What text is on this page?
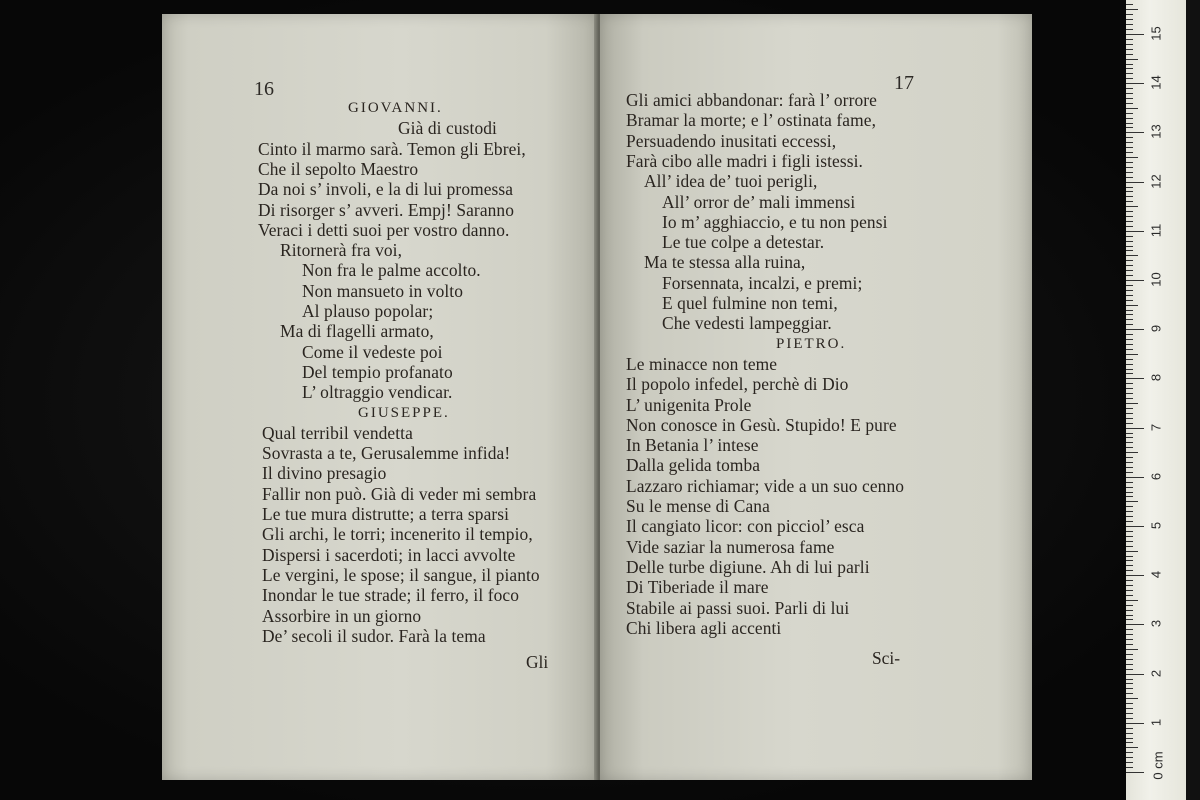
16
GIOVANNI.
Già di custodi
Cinto il marmo sarà. Temon gli Ebrei,
Che il sepolto Maestro
Da noi s’ involi, e la di lui promessa
Di risorger s’ avveri. Empj! Saranno
Veraci i detti suoi per vostro danno.
Ritornerà fra voi,
Non fra le palme accolto.
Non mansueto in volto
Al plauso popolar;
Ma di flagelli armato,
Come il vedeste poi
Del tempio profanato
L’ oltraggio vendicar.
GIUSEPPE.
Qual terribil vendetta
Sovrasta a te, Gerusalemme infida!
Il divino presagio
Fallir non può. Già di veder mi sembra
Le tue mura distrutte; a terra sparsi
Gli archi, le torri; incenerito il tempio,
Dispersi i sacerdoti; in lacci avvolte
Le vergini, le spose; il sangue, il pianto
Inondar le tue strade; il ferro, il foco
Assorbire in un giorno
De’ secoli il sudor. Farà la tema
Gli
17
Gli amici abbandonar: farà l’ orrore
Bramar la morte; e l’ ostinata fame,
Persuadendo inusitati eccessi,
Farà cibo alle madri i figli istessi.
All’ idea de’ tuoi perigli,
All’ orror de’ mali immensi
Io m’ agghiaccio, e tu non pensi
Le tue colpe a detestar.
Ma te stessa alla ruina,
Forsennata, incalzi, e premi;
E quel fulmine non temi,
Che vedesti lampeggiar.
PIETRO.
Le minacce non teme
Il popolo infedel, perchè di Dio
L’ unigenita Prole
Non conosce in Gesù. Stupido! E pure
In Betania l’ intese
Dalla gelida tomba
Lazzaro richiamar; vide a un suo cenno
Su le mense di Cana
Il cangiato licor: con picciol’ esca
Vide saziar la numerosa fame
Delle turbe digiune. Ah di lui parli
Di Tiberiade il mare
Stabile ai passi suoi. Parli di lui
Chi libera agli accenti
Sci-
0 cm
1
2
3
4
5
6
7
8
9
10
11
12
13
14
15
